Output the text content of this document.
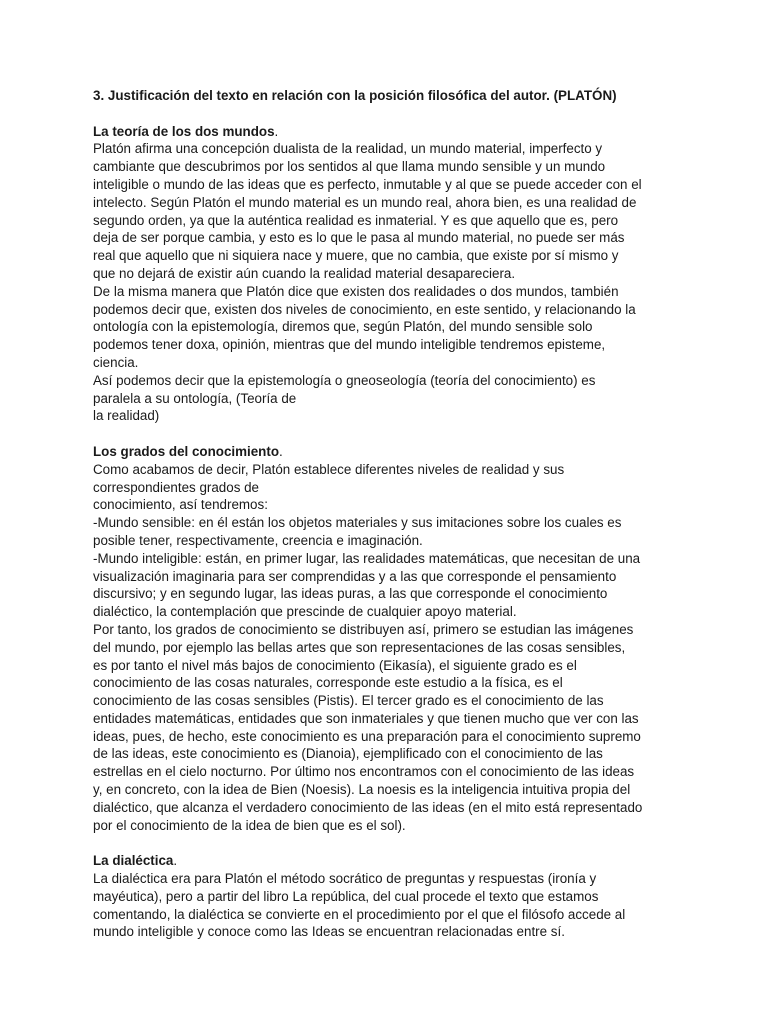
3. Justificación del texto en relación con la posición filosófica del autor. (PLATÓN)
La teoría de los dos mundos.
Platón afirma una concepción dualista de la realidad, un mundo material, imperfecto y
cambiante que descubrimos por los sentidos al que llama mundo sensible y un mundo
inteligible o mundo de las ideas que es perfecto, inmutable y al que se puede acceder con el
intelecto. Según Platón el mundo material es un mundo real, ahora bien, es una realidad de
segundo orden, ya que la auténtica realidad es inmaterial. Y es que aquello que es, pero
deja de ser porque cambia, y esto es lo que le pasa al mundo material, no puede ser más
real que aquello que ni siquiera nace y muere, que no cambia, que existe por sí mismo y
que no dejará de existir aún cuando la realidad material desapareciera.
De la misma manera que Platón dice que existen dos realidades o dos mundos, también
podemos decir que, existen dos niveles de conocimiento, en este sentido, y relacionando la
ontología con la epistemología, diremos que, según Platón, del mundo sensible solo
podemos tener doxa, opinión, mientras que del mundo inteligible tendremos episteme,
ciencia.
Así podemos decir que la epistemología o gneoseología (teoría del conocimiento) es
paralela a su ontología, (Teoría de
la realidad)
Los grados del conocimiento.
Como acabamos de decir, Platón establece diferentes niveles de realidad y sus
correspondientes grados de
conocimiento, así tendremos:
-Mundo sensible: en él están los objetos materiales y sus imitaciones sobre los cuales es
posible tener, respectivamente, creencia e imaginación.
-Mundo inteligible: están, en primer lugar, las realidades matemáticas, que necesitan de una
visualización imaginaria para ser comprendidas y a las que corresponde el pensamiento
discursivo; y en segundo lugar, las ideas puras, a las que corresponde el conocimiento
dialéctico, la contemplación que prescinde de cualquier apoyo material.
Por tanto, los grados de conocimiento se distribuyen así, primero se estudian las imágenes
del mundo, por ejemplo las bellas artes que son representaciones de las cosas sensibles,
es por tanto el nivel más bajos de conocimiento (Eikasía), el siguiente grado es el
conocimiento de las cosas naturales, corresponde este estudio a la física, es el
conocimiento de las cosas sensibles (Pistis). El tercer grado es el conocimiento de las
entidades matemáticas, entidades que son inmateriales y que tienen mucho que ver con las
ideas, pues, de hecho, este conocimiento es una preparación para el conocimiento supremo
de las ideas, este conocimiento es (Dianoia), ejemplificado con el conocimiento de las
estrellas en el cielo nocturno. Por último nos encontramos con el conocimiento de las ideas
y, en concreto, con la idea de Bien (Noesis). La noesis es la inteligencia intuitiva propia del
dialéctico, que alcanza el verdadero conocimiento de las ideas (en el mito está representado
por el conocimiento de la idea de bien que es el sol).
La dialéctica.
La dialéctica era para Platón el método socrático de preguntas y respuestas (ironía y
mayéutica), pero a partir del libro La república, del cual procede el texto que estamos
comentando, la dialéctica se convierte en el procedimiento por el que el filósofo accede al
mundo inteligible y conoce como las Ideas se encuentran relacionadas entre sí.
